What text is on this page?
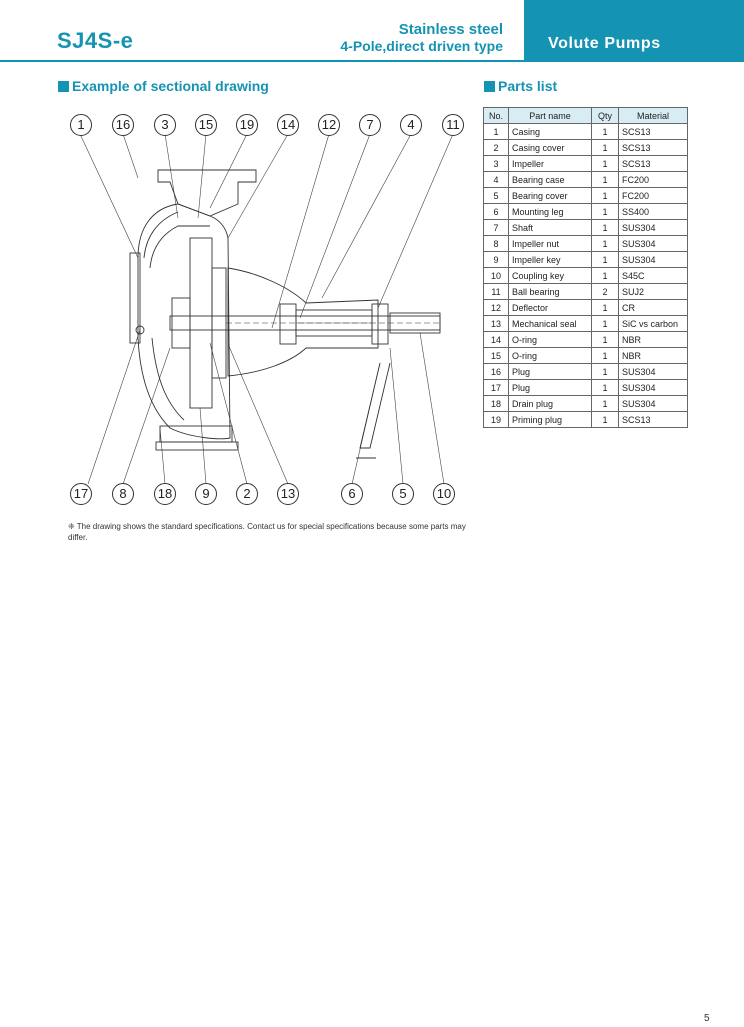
SJ4S-e	Stainless steel
4-Pole,direct driven type	Volute Pumps
Example of sectional drawing	Parts list
1	16	3	15 19 14 12	7	4	11
17	8	18	9	2	13	6	5	10
❈ The drawing shows the standard specifications. Contact us for special specifications because some parts may differ.
No.	Part name	Qty	Material
1	Casing	1	SCS13
2	Casing cover	1	SCS13
3	Impeller	1	SCS13
4	Bearing case	1	FC200
5	Bearing cover	1	FC200
6	Mounting leg	1	SS400
7	Shaft	1	SUS304
8	Impeller nut	1	SUS304
9	Impeller key	1	SUS304
10	Coupling key	1	S45C
11	Ball bearing	2	SUJ2
12	Deflector	1	CR
13	Mechanical seal	1	SiC vs carbon
14	O-ring	1	NBR
15	O-ring	1	NBR
16	Plug	1	SUS304
17	Plug	1	SUS304
18	Drain plug	1	SUS304
19	Priming plug	1	SCS13
5
